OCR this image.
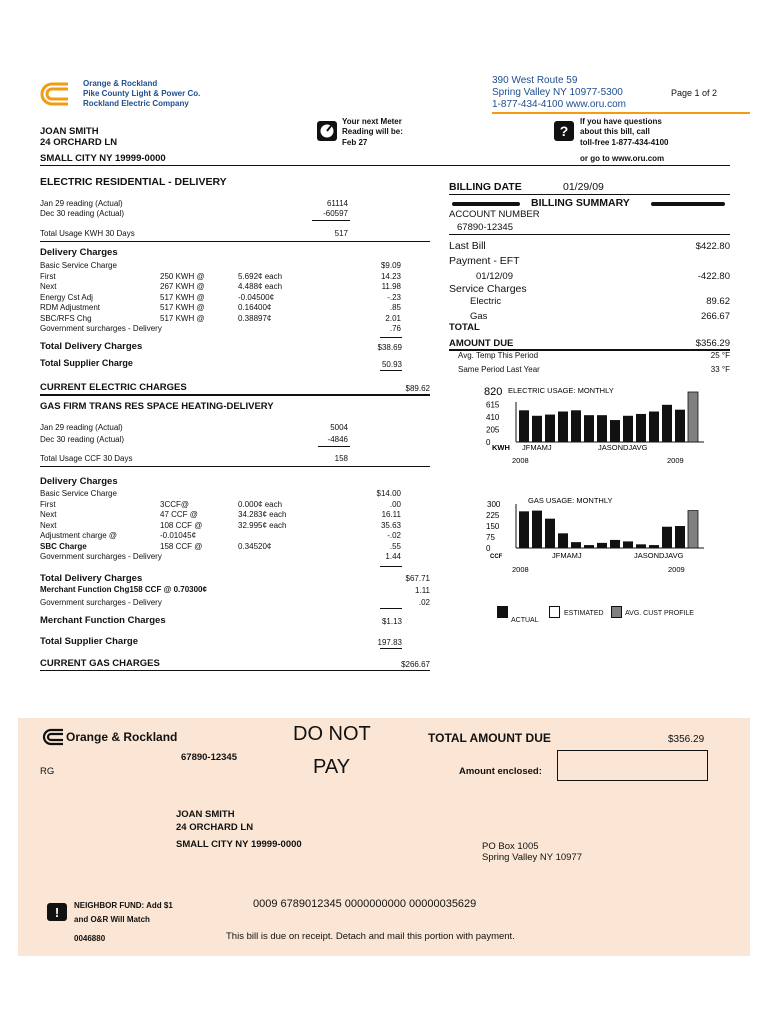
Orange & Rockland
Pike County Light & Power Co.
Rockland Electric Company
390 West Route 59
Spring Valley NY 10977-5300
1-877-434-4100 www.oru.com
Page 1 of 2
JOAN SMITH
24 ORCHARD LN
SMALL CITY NY 19999-0000
Your next Meter
Reading will be:
Feb 27
?
If you have questions
about this bill, call
toll-free 1-877-434-4100
or go to www.oru.com
ELECTRIC RESIDENTIAL - DELIVERY
Jan 29 reading (Actual)	61114
Dec 30 reading (Actual)	-60597
Total Usage KWH 30 Days	517
Delivery Charges
Basic Service Charge	$9.09
First	250 KWH @	5.692¢ each	14.23
Next	267 KWH @	4.488¢ each	11.98
Energy Cst Adj	517 KWH @	-0.04500¢	-.23
RDM Adjustment	517 KWH @	0.16400¢	.85
SBC/RFS Chg	517 KWH @	0.38897¢	2.01
Government surcharges - Delivery	.76
Total Delivery Charges	$38.69
Total Supplier Charge	50.93
CURRENT ELECTRIC CHARGES	$89.62
GAS FIRM TRANS RES SPACE HEATING-DELIVERY
Jan 29 reading (Actual)	5004
Dec 30 reading (Actual)	-4846
Total Usage CCF 30 Days	158
Delivery Charges
Basic Service Charge	$14.00
First	3CCF@	0.000¢ each	.00
Next	47 CCF @	34.283¢ each	16.11
Next	108 CCF @	32.995¢ each	35.63
Adjustment charge @	-0.01045¢	-.02
SBC Charge	158 CCF @	0.34520¢	.55
Government surcharges - Delivery	1.44
Total Delivery Charges	$67.71
Merchant Function Chg158 CCF @ 0.70300¢	1.11
Government surcharges - Delivery	.02
Merchant Function Charges	$1.13
Total Supplier Charge	197.83
CURRENT GAS CHARGES	$266.67
BILLING DATE	01/29/09
BILLING SUMMARY
ACCOUNT NUMBER
67890-12345
Last Bill	$422.80
Payment - EFT
01/12/09	-422.80
Service Charges
Electric	89.62
Gas	266.67
TOTAL
AMOUNT DUE	$356.29
Avg. Temp This Period	25 °F
Same Period Last Year	33 °F
ELECTRIC USAGE: MONTHLY
820
615
410
205
0
KWH JFMAMJ	JASONDJAVG
2008	2009
GAS USAGE: MONTHLY
300
225
150
75
0
CCF	JFMAMJ	JASONDJAVG
2008	2009
ACTUAL
ESTIMATED	AVG. CUST PROFILE
Orange & Rockland	DO NOT
PAY
TOTAL AMOUNT DUE	$356.29
67890-12345
RG	Amount enclosed:
JOAN SMITH
24 ORCHARD LN
SMALL CITY NY 19999-0000	PO Box 1005
Spring Valley NY 10977
! NEIGHBOR FUND: Add $1
and O&R Will Match
0046880
0009 6789012345 0000000000 00000035629
This bill is due on receipt. Detach and mail this portion with payment.
